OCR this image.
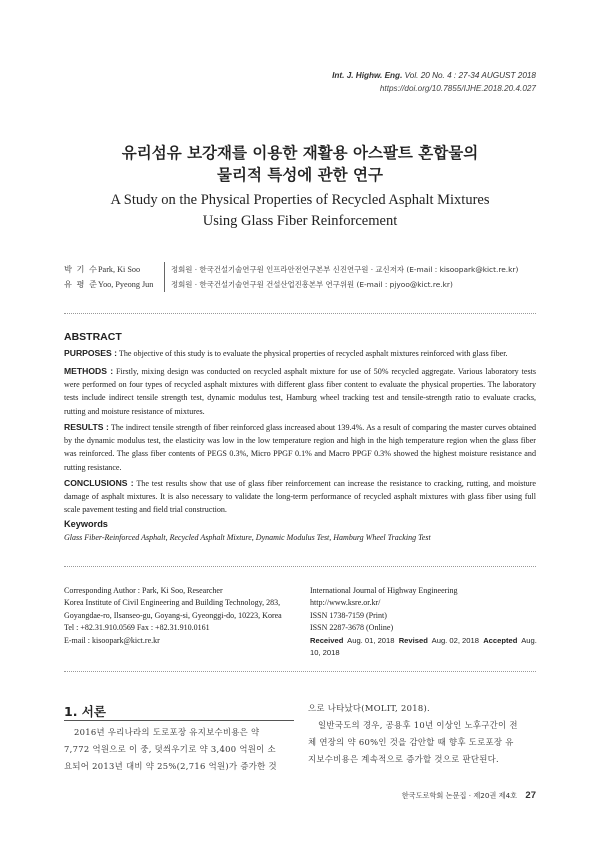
Int. J. Highw. Eng. Vol. 20 No. 4 : 27-34 AUGUST 2018
https://doi.org/10.7855/IJHE.2018.20.4.027
유리섬유 보강재를 이용한 재활용 아스팔트 혼합물의
물리적 특성에 관한 연구
A Study on the Physical Properties of Recycled Asphalt Mixtures
Using Glass Fiber Reinforcement
박 기 수 Park, Ki Soo	정회원 · 한국건설기술연구원 인프라안전연구본부 신진연구원 · 교신저자 (E-mail : kisoopark@kict.re.kr)
유 평 준 Yoo, Pyeong Jun	정회원 · 한국건설기술연구원 건설산업진흥본부 연구위원 (E-mail : pjyoo@kict.re.kr)
ABSTRACT
PURPOSES : The objective of this study is to evaluate the physical properties of recycled asphalt mixtures reinforced with glass fiber.
METHODS : Firstly, mixing design was conducted on recycled asphalt mixture for use of 50% recycled aggregate. Various laboratory tests were performed on four types of recycled asphalt mixtures with different glass fiber content to evaluate the physical properties. The laboratory tests include indirect tensile strength test, dynamic modulus test, Hamburg wheel tracking test and tensile-strength ratio to evaluate cracks, rutting and moisture resistance of mixtures.
RESULTS : The indirect tensile strength of fiber reinforced glass increased about 139.4%. As a result of comparing the master curves obtained by the dynamic modulus test, the elasticity was low in the low temperature region and high in the high temperature region when the glass fiber was reinforced. The glass fiber contents of PEGS 0.3%, Micro PPGF 0.1% and Macro PPGF 0.3% showed the highest moisture resistance and rutting resistance.
CONCLUSIONS : The test results show that use of glass fiber reinforcement can increase the resistance to cracking, rutting, and moisture damage of asphalt mixtures. It is also necessary to validate the long-term performance of recycled asphalt mixtures with glass fiber using full scale pavement testing and field trial construction.
Keywords
Glass Fiber-Reinforced Asphalt, Recycled Asphalt Mixture, Dynamic Modulus Test, Hamburg Wheel Tracking Test
Corresponding Author : Park, Ki Soo, Researcher
Korea Institute of Civil Engineering and Building Technology, 283,
Goyangdae-ro, Ilsanseo-gu, Goyang-si, Gyeonggi-do, 10223, Korea
Tel : +82.31.910.0569 Fax : +82.31.910.0161
E-mail : kisoopark@kict.re.kr
International Journal of Highway Engineering
http://www.ksre.or.kr/
ISSN 1738-7159 (Print)
ISSN 2287-3678 (Online)
Received Aug. 01, 2018 Revised Aug. 02, 2018 Accepted Aug. 10, 2018
1. 서론
2016년 우리나라의 도로포장 유지보수비용은 약
7,772 억원으로 이 중, 덧씌우기로 약 3,400 억원이 소
요되어 2013년 대비 약 25%(2,716 억원)가 증가한 것
으로 나타났다(MOLIT, 2018).
일반국도의 경우, 공용후 10년 이상인 노후구간이 전
체 연장의 약 60%인 것을 감안할 때 향후 도로포장 유
지보수비용은 계속적으로 증가할 것으로 판단된다.
한국도로학회 논문집 · 제20권 제4호 27
